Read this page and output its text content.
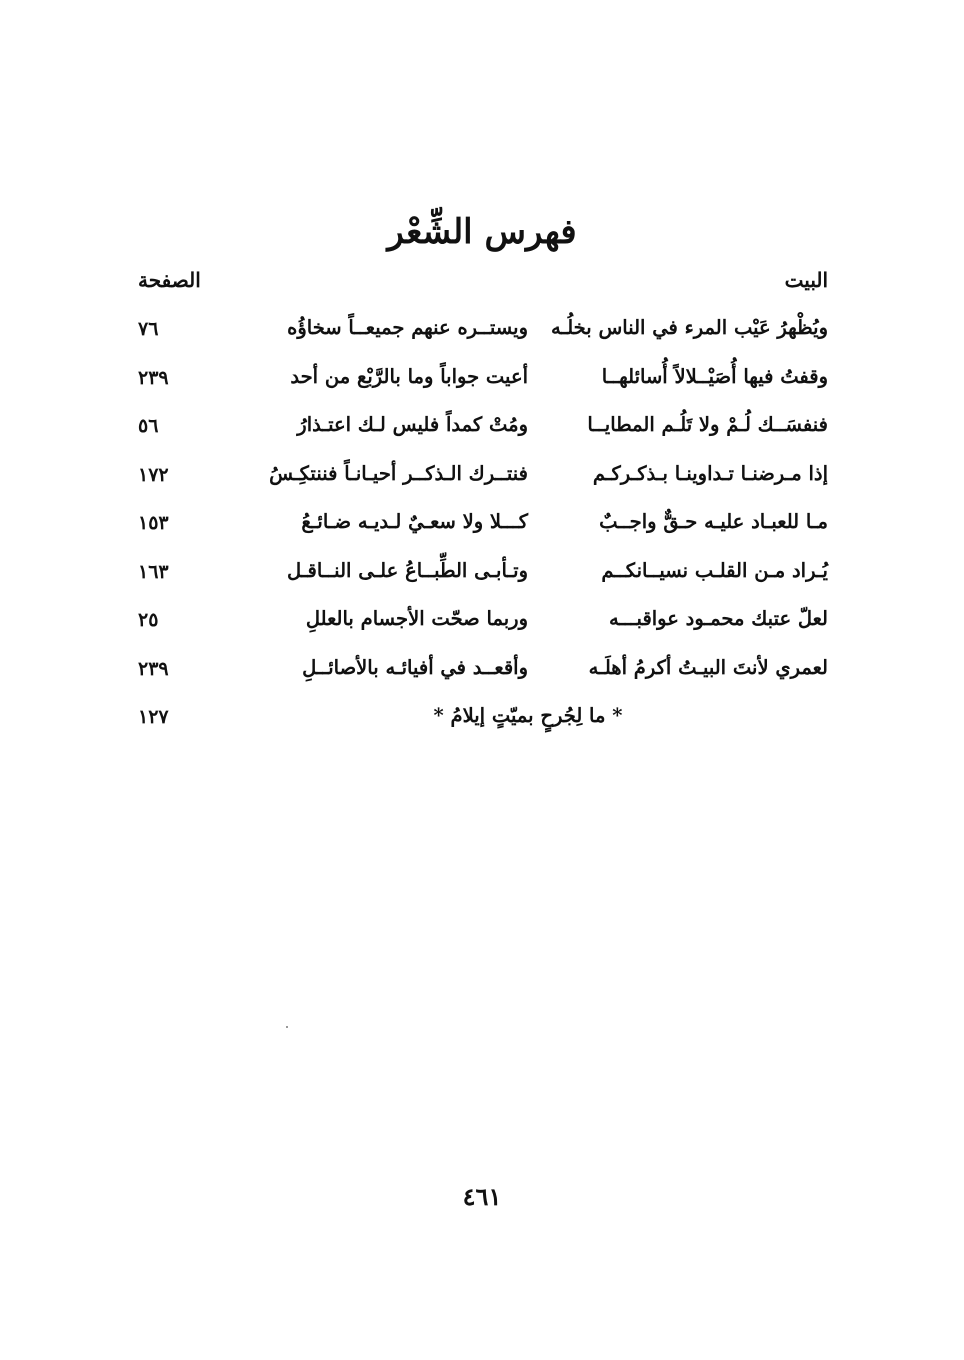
فهرس الشِّعْر
الصفحة	البيت
ويُظْهرُ عَيْب المرء في الناس بخلُـه
ويستــره عنهم جميعــاً سخاؤُه
٧٦
وقفتُ فيها أُصَيْــلالاً أُسائلهــا
أعيت جواباً وما بالرَّبْع من أحد
٢٣٩
فنفسَــك لُـمْ ولا تَلُـم المطايــا
ومُتْ كمداً فليس لـك اعتـذارُ
٥٦
إذا مـرضنـا تـداوينـا بـذكـركـم
فنتــرك الـذكــر أحيـانـاً فننتكِـسُ
١٧٢
مـا للعبـاد عليـه حـقٌّ واجــبٌ
كـــلا ولا سعـيٌ لـديـه ضـائـعُ
١٥٣
يُـراد مـن القلـب نسيــانكــم
وتـأبـى الطِّبــاعُ علـى النــاقـل
١٦٣
لعلّ عتبك محمـود عواقبـــه
وربما صحّت الأجسام بالعللِ
٢٥
لعمري لأنتَ البيـتُ أكرمُ أهلَـه
وأقعــد في أفيائـه بالأصائــلِ
٢٣٩
* ما لِجُرحٍ بميّتٍ إيلامُ *
١٢٧
٤٦١
